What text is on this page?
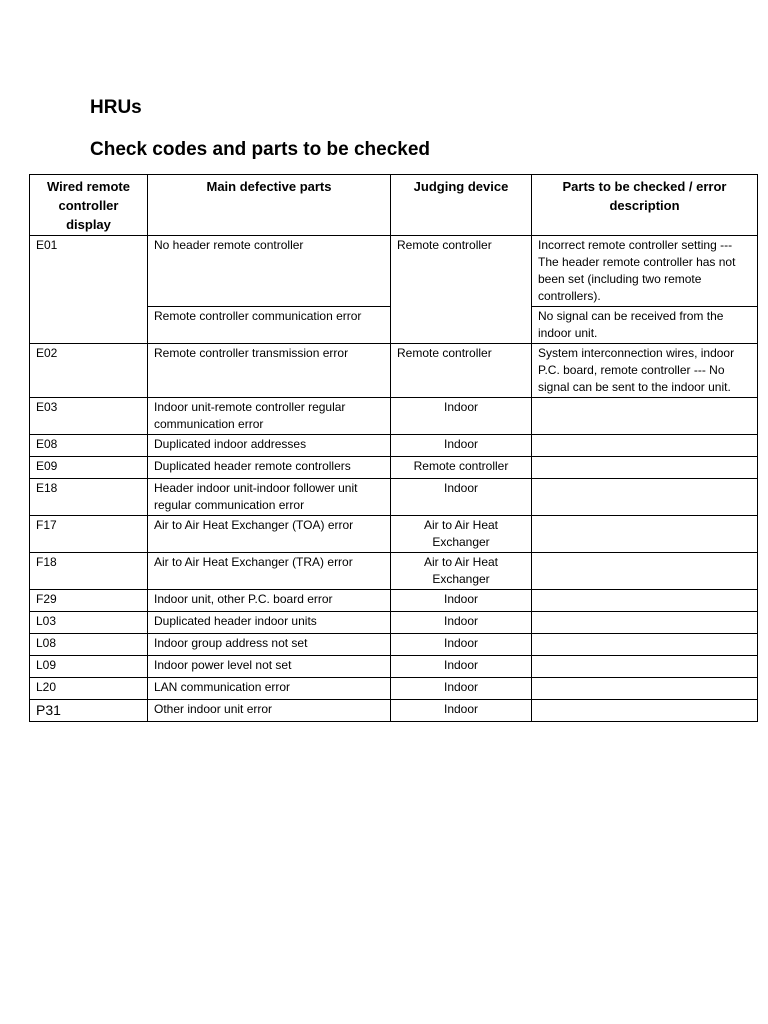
HRUs
Check codes and parts to be checked
Wired remote controller display	Main defective parts	Judging device	Parts to be checked / error description
E01	No header remote controller	Remote controller	Incorrect remote controller setting --- The header remote controller has not been set (including two remote controllers).
	Remote controller communication error		No signal can be received from the indoor unit.
E02	Remote controller transmission error	Remote controller	System interconnection wires, indoor P.C. board, remote controller --- No signal can be sent to the indoor unit.
E03	Indoor unit-remote controller regular communication error	Indoor	
E08	Duplicated indoor addresses	Indoor	
E09	Duplicated header remote controllers	Remote controller	
E18	Header indoor unit-indoor follower unit regular communication error	Indoor	
F17	Air to Air Heat Exchanger (TOA) error	Air to Air Heat Exchanger	
F18	Air to Air Heat Exchanger (TRA) error	Air to Air Heat Exchanger	
F29	Indoor unit, other P.C. board error	Indoor	
L03	Duplicated header indoor units	Indoor	
L08	Indoor group address not set	Indoor	
L09	Indoor power level not set	Indoor	
L20	LAN communication error	Indoor	
P31	Other indoor unit error	Indoor	
